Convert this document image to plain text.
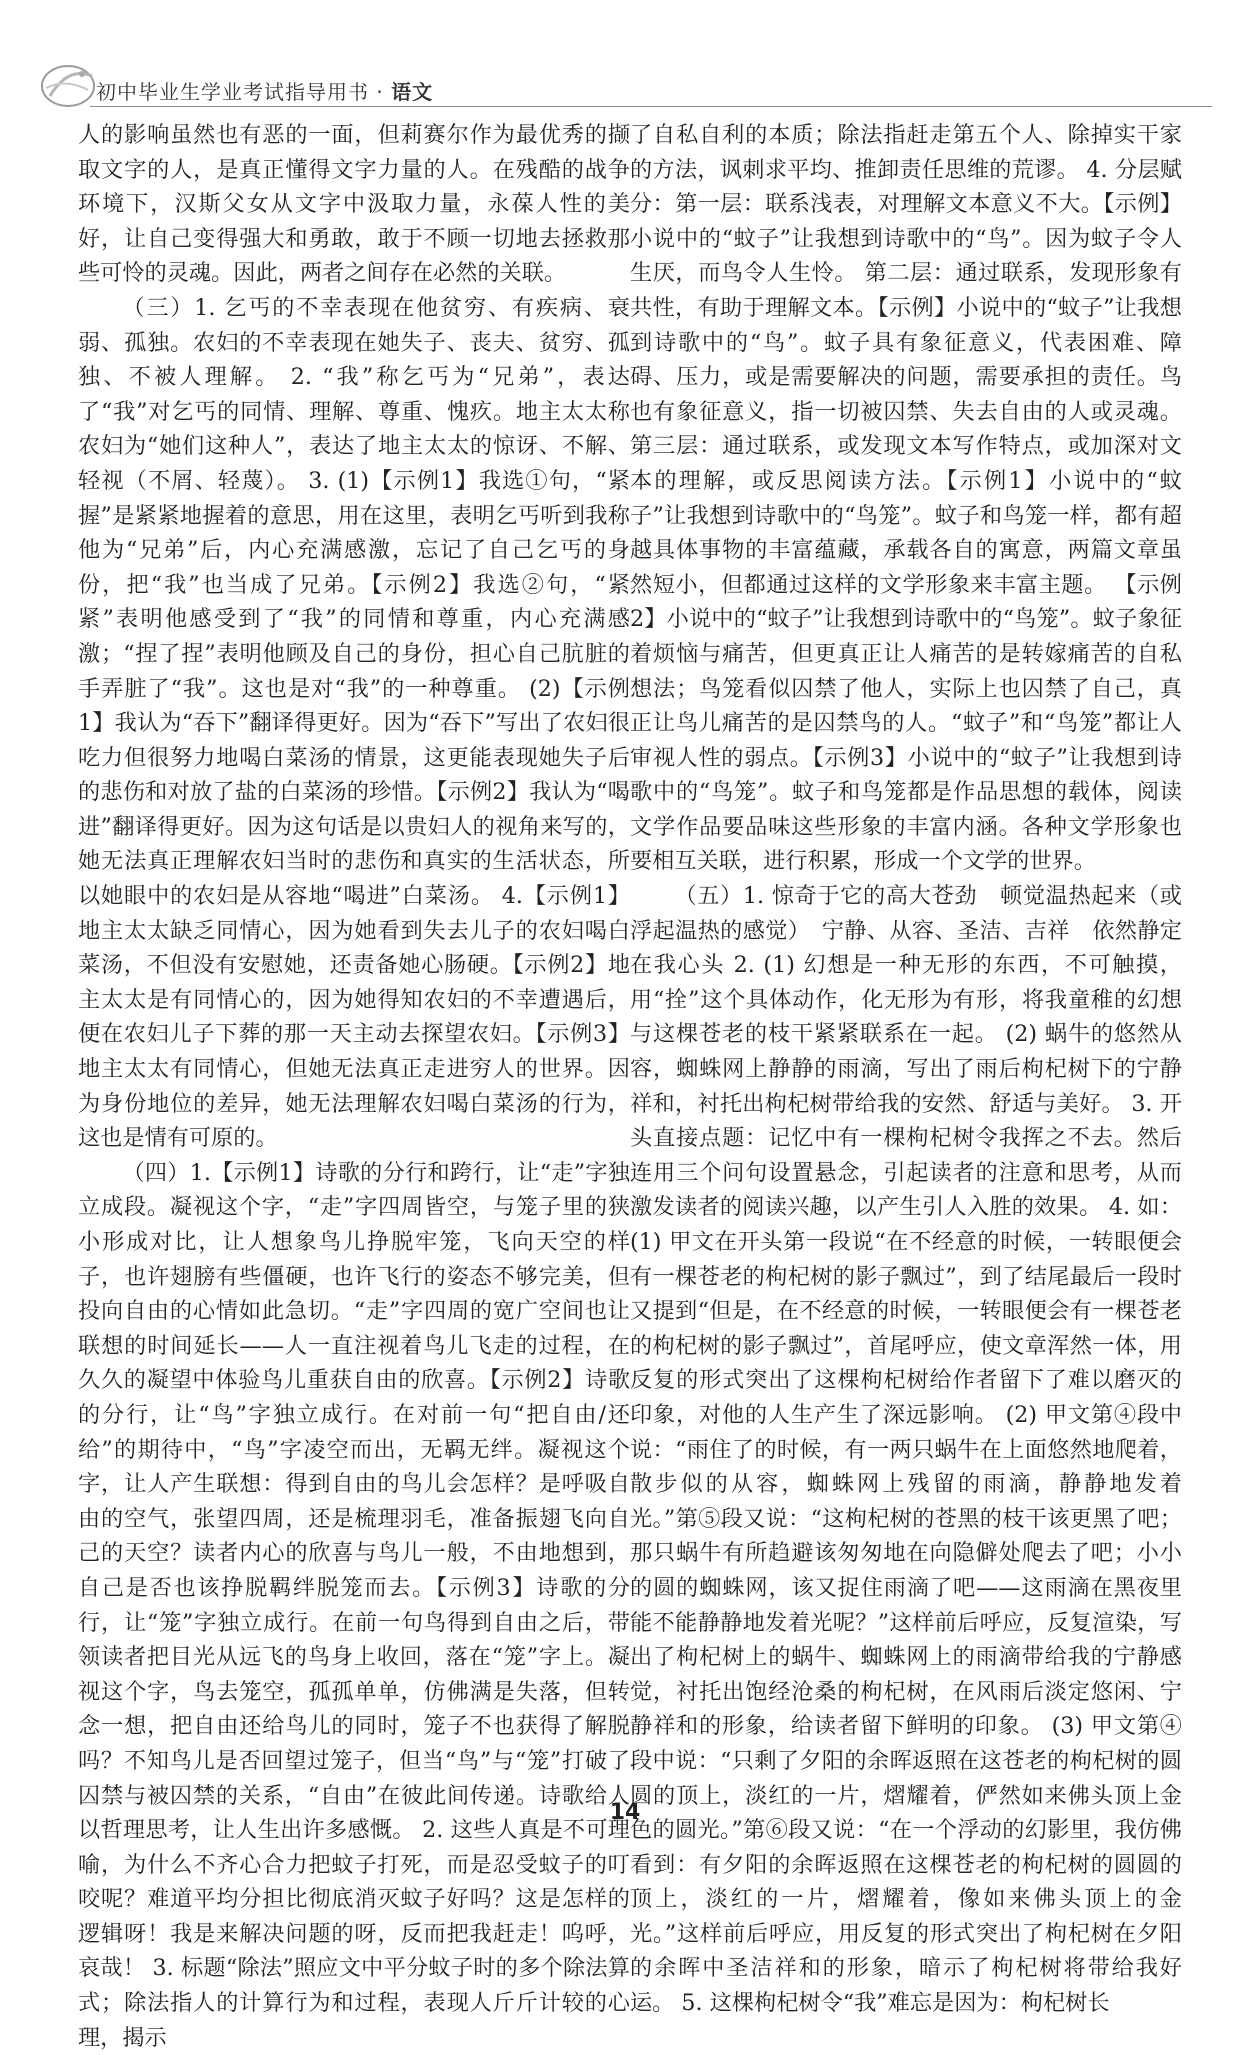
初中毕业生学业考试指导用书 · 语文

人的影响虽然也有恶的一面，但莉赛尔作为最优秀的撷取文字的人，是真正懂得文字力量的人。在残酷的战争环境下，汉斯父女从文字中汲取力量，永葆人性的美好，让自己变得强大和勇敢，敢于不顾一切地去拯救那些可怜的灵魂。因此，两者之间存在必然的关联。

（三）1. 乞丐的不幸表现在他贫穷、有疾病、衰弱、孤独。农妇的不幸表现在她失子、丧夫、贫穷、孤独、不被人理解。 2. “我”称乞丐为“兄弟”，表达了“我”对乞丐的同情、理解、尊重、愧疚。地主太太称农妇为“她们这种人”，表达了地主太太的惊讶、不解、轻视（不屑、轻蔑）。 3. (1)【示例1】我选①句，“紧握”是紧紧地握着的意思，用在这里，表明乞丐听到我称他为“兄弟”后，内心充满感激，忘记了自己乞丐的身份，把“我”也当成了兄弟。【示例2】我选②句，“紧紧”表明他感受到了“我”的同情和尊重，内心充满感激；“捏了捏”表明他顾及自己的身份，担心自己肮脏的手弄脏了“我”。这也是对“我”的一种尊重。 (2)【示例1】我认为“吞下”翻译得更好。因为“吞下”写出了农妇很吃力但很努力地喝白菜汤的情景，这更能表现她失子后的悲伤和对放了盐的白菜汤的珍惜。【示例2】我认为“喝进”翻译得更好。因为这句话是以贵妇人的视角来写的，她无法真正理解农妇当时的悲伤和真实的生活状态，所以她眼中的农妇是从容地“喝进”白菜汤。 4.【示例1】地主太太缺乏同情心，因为她看到失去儿子的农妇喝白菜汤，不但没有安慰她，还责备她心肠硬。【示例2】地主太太是有同情心的，因为她得知农妇的不幸遭遇后，便在农妇儿子下葬的那一天主动去探望农妇。【示例3】地主太太有同情心，但她无法真正走进穷人的世界。因为身份地位的差异，她无法理解农妇喝白菜汤的行为，这也是情有可原的。

（四）1.【示例1】诗歌的分行和跨行，让“走”字独立成段。凝视这个字，“走”字四周皆空，与笼子里的狭小形成对比，让人想象鸟儿挣脱牢笼，飞向天空的样子，也许翅膀有些僵硬，也许飞行的姿态不够完美，但投向自由的心情如此急切。“走”字四周的宽广空间也让联想的时间延长——人一直注视着鸟儿飞走的过程，在久久的凝望中体验鸟儿重获自由的欣喜。【示例2】诗歌的分行，让“鸟”字独立成行。在对前一句“把自由/还给”的期待中，“鸟”字凌空而出，无羁无绊。凝视这个字，让人产生联想：得到自由的鸟儿会怎样？是呼吸自由的空气，张望四周，还是梳理羽毛，准备振翅飞向自己的天空？读者内心的欣喜与鸟儿一般，不由地想到，自己是否也该挣脱羁绊脱笼而去。【示例3】诗歌的分行，让“笼”字独立成行。在前一句鸟得到自由之后，带领读者把目光从远飞的鸟身上收回，落在“笼”字上。凝视这个字，鸟去笼空，孤孤单单，仿佛满是失落，但转念一想，把自由还给鸟儿的同时，笼子不也获得了解脱吗？不知鸟儿是否回望过笼子，但当“鸟”与“笼”打破了囚禁与被囚禁的关系，“自由”在彼此间传递。诗歌给人以哲理思考，让人生出许多感慨。 2. 这些人真是不可理喻，为什么不齐心合力把蚊子打死，而是忍受蚊子的叮咬呢？难道平均分担比彻底消灭蚊子好吗？这是怎样的逻辑呀！我是来解决问题的呀，反而把我赶走！呜呼，哀哉！ 3. 标题“除法”照应文中平分蚊子时的多个除法算式；除法指人的计算行为和过程，表现人斤斤计较的心理，揭示

了自私自利的本质；除法指赶走第五个人、除掉实干家的方法，讽刺求平均、推卸责任思维的荒谬。 4. 分层赋分：第一层：联系浅表，对理解文本意义不大。【示例】小说中的“蚊子”让我想到诗歌中的“鸟”。因为蚊子令人生厌，而鸟令人生怜。 第二层：通过联系，发现形象有共性，有助于理解文本。【示例】小说中的“蚊子”让我想到诗歌中的“鸟”。蚊子具有象征意义，代表困难、障碍、压力，或是需要解决的问题，需要承担的责任。鸟也有象征意义，指一切被囚禁、失去自由的人或灵魂。第三层：通过联系，或发现文本写作特点，或加深对文本的理解，或反思阅读方法。【示例1】小说中的“蚊子”让我想到诗歌中的“鸟笼”。蚊子和鸟笼一样，都有超越具体事物的丰富蕴藏，承载各自的寓意，两篇文章虽然短小，但都通过这样的文学形象来丰富主题。 【示例2】小说中的“蚊子”让我想到诗歌中的“鸟笼”。蚊子象征着烦恼与痛苦，但更真正让人痛苦的是转嫁痛苦的自私想法；鸟笼看似囚禁了他人，实际上也囚禁了自己，真正让鸟儿痛苦的是囚禁鸟的人。“蚊子”和“鸟笼”都让人审视人性的弱点。【示例3】小说中的“蚊子”让我想到诗歌中的“鸟笼”。蚊子和鸟笼都是作品思想的载体，阅读文学作品要品味这些形象的丰富内涵。各种文学形象也要相互关联，进行积累，形成一个文学的世界。

（五）1. 惊奇于它的高大苍劲　顿觉温热起来（或浮起温热的感觉）　宁静、从容、圣洁、吉祥　依然静定在我心头 2. (1) 幻想是一种无形的东西，不可触摸，用“拴”这个具体动作，化无形为有形，将我童稚的幻想与这棵苍老的枝干紧紧联系在一起。 (2) 蜗牛的悠然从容，蜘蛛网上静静的雨滴，写出了雨后枸杞树下的宁静祥和，衬托出枸杞树带给我的安然、舒适与美好。 3. 开头直接点题：记忆中有一棵枸杞树令我挥之不去。然后连用三个问句设置悬念，引起读者的注意和思考，从而激发读者的阅读兴趣，以产生引人入胜的效果。 4. 如：(1) 甲文在开头第一段说“在不经意的时候，一转眼便会有一棵苍老的枸杞树的影子飘过”，到了结尾最后一段时又提到“但是，在不经意的时候，一转眼便会有一棵苍老的枸杞树的影子飘过”，首尾呼应，使文章浑然一体，用反复的形式突出了这棵枸杞树给作者留下了难以磨灭的印象，对他的人生产生了深远影响。 (2) 甲文第④段中说：“雨住了的时候，有一两只蜗牛在上面悠然地爬着，散步似的从容，蜘蛛网上残留的雨滴，静静地发着光。”第⑤段又说：“这枸杞树的苍黑的枝干该更黑了吧；那只蜗牛有所趋避该匆匆地在向隐僻处爬去了吧；小小的圆的蜘蛛网，该又捉住雨滴了吧——这雨滴在黑夜里能不能静静地发着光呢？”这样前后呼应，反复渲染，写出了枸杞树上的蜗牛、蜘蛛网上的雨滴带给我的宁静感觉，衬托出饱经沧桑的枸杞树，在风雨后淡定悠闲、宁静祥和的形象，给读者留下鲜明的印象。 (3) 甲文第④段中说：“只剩了夕阳的余晖返照在这苍老的枸杞树的圆圆的顶上，淡红的一片，熠耀着，俨然如来佛头顶上金色的圆光。”第⑥段又说：“在一个浮动的幻影里，我仿佛看到：有夕阳的余晖返照在这棵苍老的枸杞树的圆圆的顶上，淡红的一片，熠耀着，像如来佛头顶上的金光。”这样前后呼应，用反复的形式突出了枸杞树在夕阳的余晖中圣洁祥和的形象，暗示了枸杞树将带给我好运。 5. 这棵枸杞树令“我”难忘是因为：枸杞树长

14
